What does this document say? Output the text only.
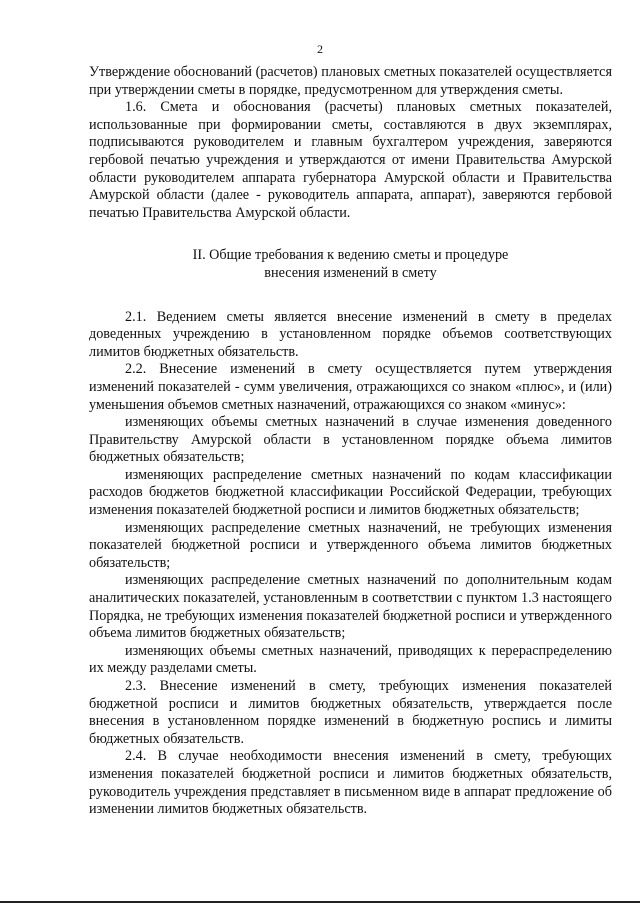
2

Утверждение обоснований (расчетов) плановых сметных показателей осуществляется при утверждении сметы в порядке, предусмотренном для утверждения сметы.

1.6. Смета и обоснования (расчеты) плановых сметных показателей, использованные при формировании сметы, составляются в двух экземплярах, подписываются руководителем и главным бухгалтером учреждения, заверяются гербовой печатью учреждения и утверждаются от имени Правительства Амурской области руководителем аппарата губернатора Амурской области и Правительства Амурской области (далее - руководитель аппарата, аппарат), заверяются гербовой печатью Правительства Амурской области.

II. Общие требования к ведению сметы и процедуре
внесения изменений в смету

2.1. Ведением сметы является внесение изменений в смету в пределах доведенных учреждению в установленном порядке объемов соответствующих лимитов бюджетных обязательств.

2.2. Внесение изменений в смету осуществляется путем утверждения изменений показателей - сумм увеличения, отражающихся со знаком «плюс», и (или) уменьшения объемов сметных назначений, отражающихся со знаком «минус»:

изменяющих объемы сметных назначений в случае изменения доведенного Правительству Амурской области в установленном порядке объема лимитов бюджетных обязательств;

изменяющих распределение сметных назначений по кодам классификации расходов бюджетов бюджетной классификации Российской Федерации, требующих изменения показателей бюджетной росписи и лимитов бюджетных обязательств;

изменяющих распределение сметных назначений, не требующих изменения показателей бюджетной росписи и утвержденного объема лимитов бюджетных обязательств;

изменяющих распределение сметных назначений по дополнительным кодам аналитических показателей, установленным в соответствии с пунктом 1.3 настоящего Порядка, не требующих изменения показателей бюджетной росписи и утвержденного объема лимитов бюджетных обязательств;

изменяющих объемы сметных назначений, приводящих к перераспределению их между разделами сметы.

2.3. Внесение изменений в смету, требующих изменения показателей бюджетной росписи и лимитов бюджетных обязательств, утверждается после внесения в установленном порядке изменений в бюджетную роспись и лимиты бюджетных обязательств.

2.4. В случае необходимости внесения изменений в смету, требующих изменения показателей бюджетной росписи и лимитов бюджетных обязательств, руководитель учреждения представляет в письменном виде в аппарат предложение об изменении лимитов бюджетных обязательств.
